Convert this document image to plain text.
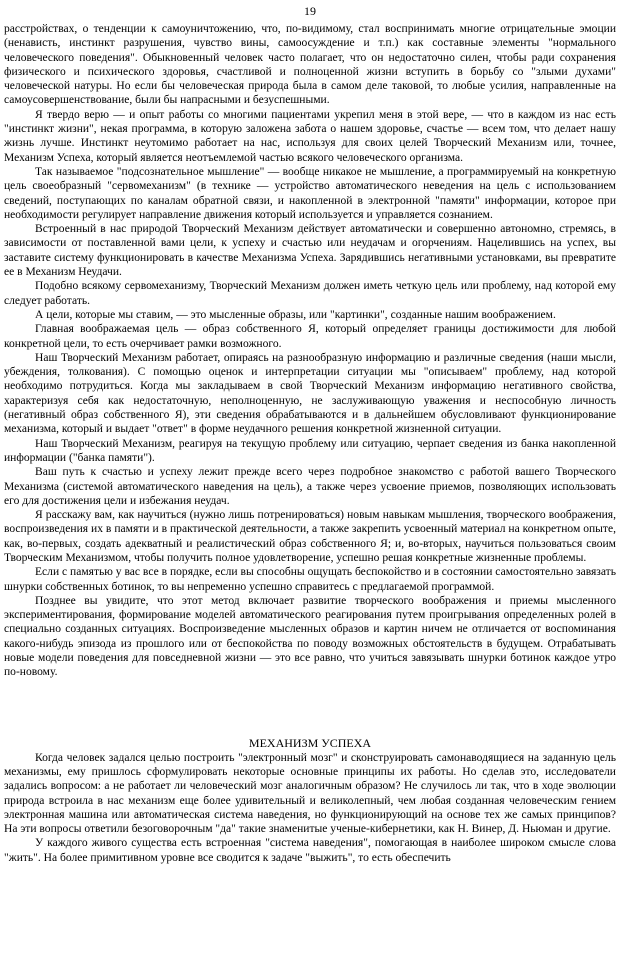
19

расстройствах, о тенденции к самоуничтожению, что, по-видимому, стал воспринимать многие отрицательные эмоции (ненависть, инстинкт разрушения, чувство вины, самоосуждение и т.п.) как составные элементы "нормального человеческого поведения". Обыкновенный человек часто полагает, что он недостаточно силен, чтобы ради сохранения физического и психического здоровья, счастливой и полноценной жизни вступить в борьбу со "злыми духами" человеческой натуры. Но если бы человеческая природа была в самом деле таковой, то любые усилия, направленные на самоусовершенствование, были бы напрасными и безуспешными.

Я твердо верю — и опыт работы со многими пациентами укрепил меня в этой вере, — что в каждом из нас есть "инстинкт жизни", некая программа, в которую заложена забота о нашем здоровье, счастье — всем том, что делает нашу жизнь лучше. Инстинкт неутомимо работает на нас, используя для своих целей Творческий Механизм или, точнее, Механизм Успеха, который является неотъемлемой частью всякого человеческого организма.

Так называемое "подсознательное мышление" — вообще никакое не мышление, а программируемый на конкретную цель своеобразный "сервомеханизм" (в технике — устройство автоматического неведения на цель с использованием сведений, поступающих по каналам обратной связи, и накопленной в электронной "памяти" информации, которое при необходимости регулирует направление движения который используется и управляется сознанием.

Встроенный в нас природой Творческий Механизм действует автоматически и совершенно автономно, стремясь, в зависимости от поставленной вами цели, к успеху и счастью или неудачам и огорчениям. Нацелившись на успех, вы заставите систему функционировать в качестве Механизма Успеха. Зарядившись негативными установками, вы превратите ее в Механизм Неудачи.

Подобно всякому сервомеханизму, Творческий Механизм должен иметь четкую цель или проблему, над которой ему следует работать.

А цели, которые мы ставим, — это мысленные образы, или "картинки", созданные нашим воображением.

Главная воображаемая цель — образ собственного Я, который определяет границы достижимости для любой конкретной цели, то есть очерчивает рамки возможного.

Наш Творческий Механизм работает, опираясь на разнообразную информацию и различные сведения (наши мысли, убеждения, толкования). С помощью оценок и интерпретации ситуации мы "описываем" проблему, над которой необходимо потрудиться. Когда мы закладываем в свой Творческий Механизм информацию негативного свойства, характеризуя себя как недостаточную, неполноценную, не заслуживающую уважения и неспособную личность (негативный образ собственного Я), эти сведения обрабатываются и в дальнейшем обусловливают функционирование механизма, который и выдает "ответ" в форме неудачного решения конкретной жизненной ситуации.

Наш Творческий Механизм, реагируя на текущую проблему или ситуацию, черпает сведения из банка накопленной информации ("банка памяти").

Ваш путь к счастью и успеху лежит прежде всего через подробное знакомство с работой вашего Творческого Механизма (системой автоматического наведения на цель), а также через усвоение приемов, позволяющих использовать его для достижения цели и избежания неудач.

Я расскажу вам, как научиться (нужно лишь потренироваться) новым навыкам мышления, творческого воображения, воспроизведения их в памяти и в практической деятельности, а также закрепить усвоенный материал на конкретном опыте, как, во-первых, создать адекватный и реалистический образ собственного Я; и, во-вторых, научиться пользоваться своим Творческим Механизмом, чтобы получить полное удовлетворение, успешно решая конкретные жизненные проблемы.

Если с памятью у вас все в порядке, если вы способны ощущать беспокойство и в состоянии самостоятельно завязать шнурки собственных ботинок, то вы непременно успешно справитесь с предлагаемой программой.

Позднее вы увидите, что этот метод включает развитие творческого воображения и приемы мысленного экспериментирования, формирование моделей автоматического реагирования путем проигрывания определенных ролей в специально созданных ситуациях. Воспроизведение мысленных образов и картин ничем не отличается от воспоминания какого-нибудь эпизода из прошлого или от беспокойства по поводу возможных обстоятельств в будущем. Отрабатывать новые модели поведения для повседневной жизни — это все равно, что учиться завязывать шнурки ботинок каждое утро по-новому.

МЕХАНИЗМ УСПЕХА

Когда человек задался целью построить "электронный мозг" и сконструировать самонаводящиеся на заданную цель механизмы, ему пришлось сформулировать некоторые основные принципы их работы. Но сделав это, исследователи задались вопросом: а не работает ли человеческий мозг аналогичным образом? Не случилось ли так, что в ходе эволюции природа встроила в нас механизм еще более удивительный и великолепный, чем любая созданная человеческим гением электронная машина или автоматическая система наведения, но функционирующий на основе тех же самых принципов? На эти вопросы ответили безоговорочным "да" такие знаменитые ученые-кибернетики, как Н. Винер, Д. Ньюман и другие.

У каждого живого существа есть встроенная "система наведения", помогающая в наиболее широком смысле слова "жить". На более примитивном уровне все сводится к задаче "выжить", то есть обеспечить
